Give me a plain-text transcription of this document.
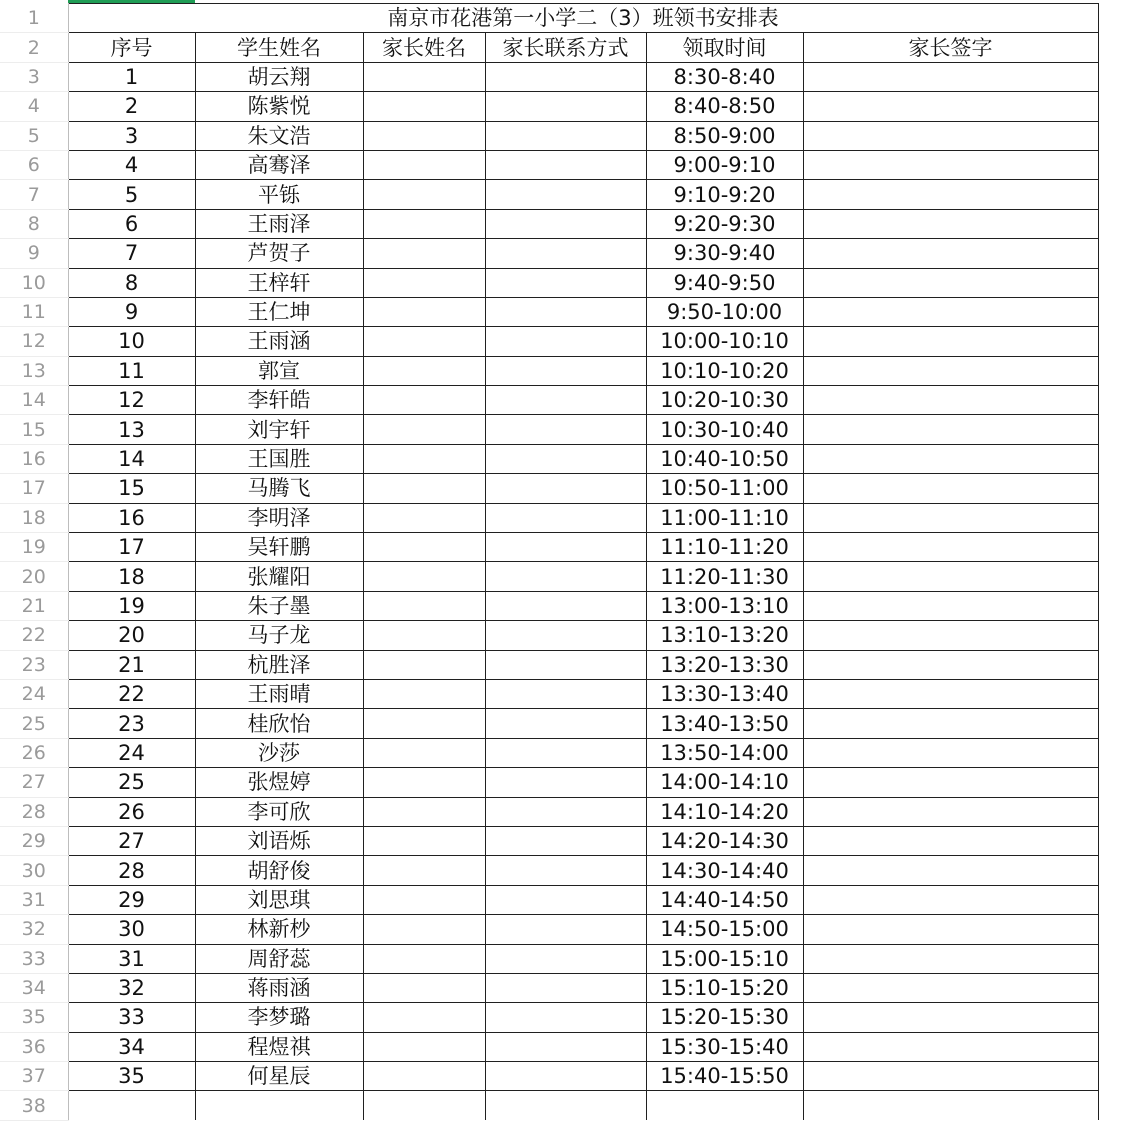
1	南京市花港第一小学二（3）班领书安排表					
2	序号	学生姓名	家长姓名	家长联系方式	领取时间	家长签字
3	1	胡云翔			8:30-8:40	
4	2	陈紫悦			8:40-8:50	
5	3	朱文浩			8:50-9:00	
6	4	高骞泽			9:00-9:10	
7	5	平铄			9:10-9:20	
8	6	王雨泽			9:20-9:30	
9	7	芦贺子			9:30-9:40	
10	8	王梓轩			9:40-9:50	
11	9	王仁坤			9:50-10:00	
12	10	王雨涵			10:00-10:10	
13	11	郭宣			10:10-10:20	
14	12	李轩皓			10:20-10:30	
15	13	刘宇轩			10:30-10:40	
16	14	王国胜			10:40-10:50	
17	15	马腾飞			10:50-11:00	
18	16	李明泽			11:00-11:10	
19	17	吴轩鹏			11:10-11:20	
20	18	张耀阳			11:20-11:30	
21	19	朱子墨			13:00-13:10	
22	20	马子龙			13:10-13:20	
23	21	杭胜泽			13:20-13:30	
24	22	王雨晴			13:30-13:40	
25	23	桂欣怡			13:40-13:50	
26	24	沙莎			13:50-14:00	
27	25	张煜婷			14:00-14:10	
28	26	李可欣			14:10-14:20	
29	27	刘语烁			14:20-14:30	
30	28	胡舒俊			14:30-14:40	
31	29	刘思琪			14:40-14:50	
32	30	林新杪			14:50-15:00	
33	31	周舒蕊			15:00-15:10	
34	32	蒋雨涵			15:10-15:20	
35	33	李梦璐			15:20-15:30	
36	34	程煜祺			15:30-15:40	
37	35	何星辰			15:40-15:50	
38						
